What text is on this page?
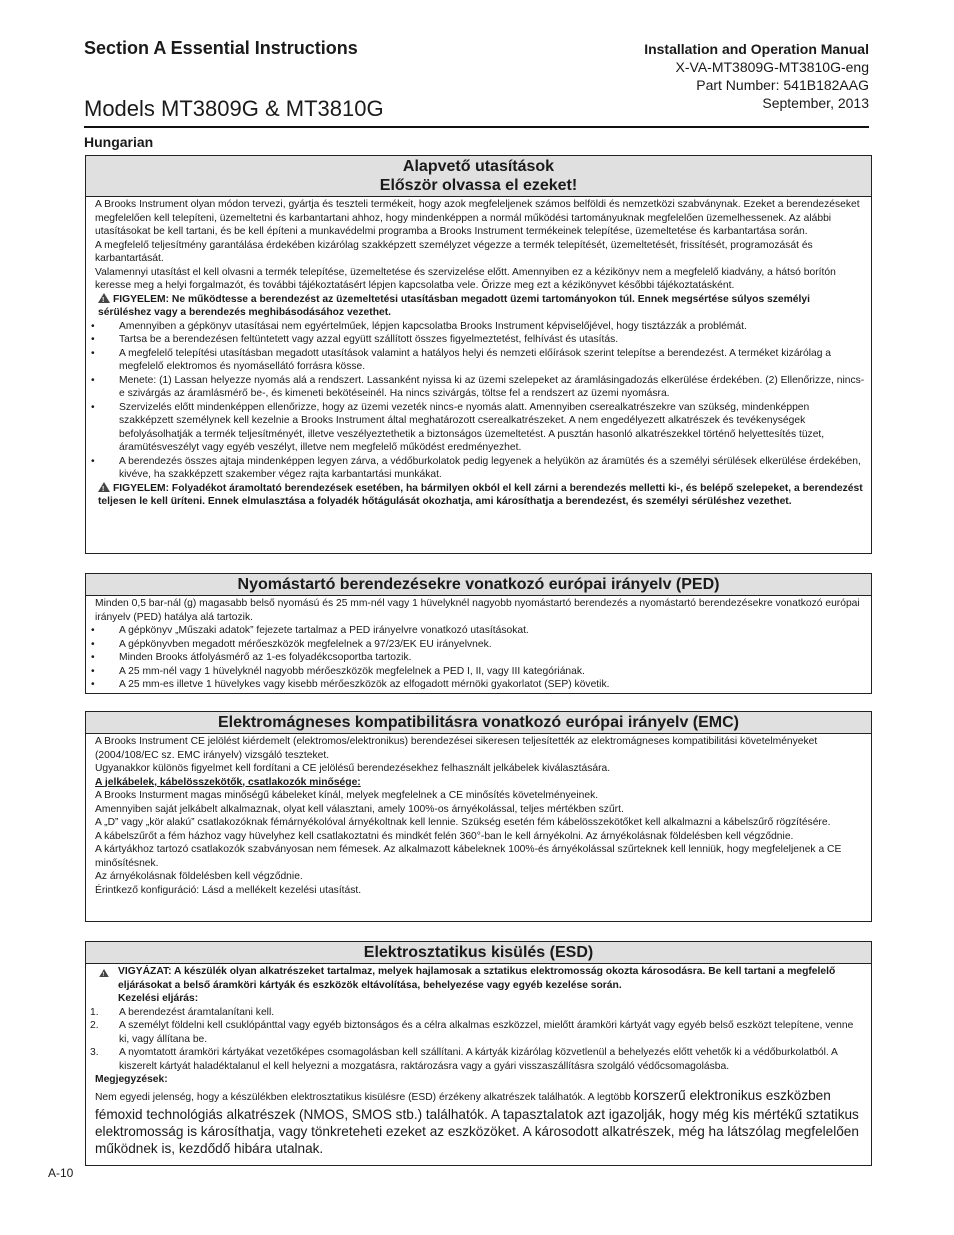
Section A Essential Instructions
Models MT3809G & MT3810G
Installation and Operation Manual
X-VA-MT3809G-MT3810G-eng
Part Number: 541B182AAG
September, 2013
Hungarian
Alapvető utasítások
Először olvassa el ezeket!

A Brooks Instrument olyan módon tervezi, gyártja és teszteli termékeit, hogy azok megfeleljenek számos belföldi és nemzetközi szabványnak. Ezeket a berendezéseket megfelelően kell telepíteni, üzemeltetni és karbantartani ahhoz, hogy mindenképpen a normál működési tartományuknak megfelelően üzemelhessenek. Az alábbi utasításokat be kell tartani, és be kell építeni a munkavédelmi programba a Brooks Instrument termékeinek telepítése, üzemeltetése és karbantartása során.

A megfelelő teljesítmény garantálása érdekében kizárólag szakképzett személyzet végezze a termék telepítését, üzemeltetését, frissítését, programozását és karbantartását.

Valamennyi utasítást el kell olvasni a termék telepítése, üzemeltetése és szervizelése előtt. Amennyiben ez a kézikönyv nem a megfelelő kiadvány, a hátsó borítón keresse meg a helyi forgalmazót, és további tájékoztatásért lépjen kapcsolatba vele. Őrizze meg ezt a kézikönyvet későbbi tájékoztatásként.

!FIGYELEM: Ne működtesse a berendezést az üzemeltetési utasításban megadott üzemi tartományokon túl. Ennek megsértése súlyos személyi sérüléshez vagy a berendezés meghibásodásához vezethet.

• Amennyiben a gépkönyv utasításai nem egyértelműek, lépjen kapcsolatba Brooks Instrument képviselőjével, hogy tisztázzák a problémát.
• Tartsa be a berendezésen feltüntetett vagy azzal együtt szállított összes figyelmeztetést, felhívást és utasítás.
• A megfelelő telepítési utasításban megadott utasítások valamint a hatályos helyi és nemzeti előírások szerint telepítse a berendezést. A terméket kizárólag a megfelelő elektromos és nyomásellátó forrásra kösse.
• Menete: (1) Lassan helyezze nyomás alá a rendszert. Lassanként nyissa ki az üzemi szelepeket az áramlásingadozás elkerülése érdekében. (2) Ellenőrizze, nincs-e szivárgás az áramlásmérő be-, és kimeneti bekötéseinél. Ha nincs szivárgás, töltse fel a rendszert az üzemi nyomásra.
• Szervizelés előtt mindenképpen ellenőrizze, hogy az üzemi vezeték nincs-e nyomás alatt. Amennyiben cserealkatrészekre van szükség, mindenképpen szakképzett személynek kell kezelnie a Brooks Instrument által meghatározott cserealkatrészeket. A nem engedélyezett alkatrészek és tevékenységek befolyásolhatják a termék teljesítményét, illetve veszélyeztethetik a biztonságos üzemeltetést. A pusztán hasonló alkatrészekkel történő helyettesítés tüzet, áramütésveszélyt vagy egyéb veszélyt, illetve nem megfelelő működést eredményezhet.
• A berendezés összes ajtaja mindenképpen legyen zárva, a védőburkolatok pedig legyenek a helyükön az áramütés és a személyi sérülések elkerülése érdekében, kivéve, ha szakképzett szakember végez rajta karbantartási munkákat.

!FIGYELEM: Folyadékot áramoltató berendezések esetében, ha bármilyen okból el kell zárni a berendezés melletti ki-, és belépő szelepeket, a berendezést teljesen le kell üríteni. Ennek elmulasztása a folyadék hőtágulását okozhatja, ami károsíthatja a berendezést, és személyi sérüléshez vezethet.

Nyomástartó berendezésekre vonatkozó európai irányelv (PED)

Minden 0,5 bar-nál (g) magasabb belső nyomású és 25 mm-nél vagy 1 hüvelyknél nagyobb nyomástartó berendezés a nyomástartó berendezésekre vonatkozó európai irányelv (PED) hatálya alá tartozik.

• A gépkönyv „Műszaki adatok” fejezete tartalmaz a PED irányelvre vonatkozó utasításokat.
• A gépkönyvben megadott mérőeszközök megfelelnek a 97/23/EK EU irányelvnek.
• Minden Brooks átfolyásmérő az 1-es folyadékcsoportba tartozik.
• A 25 mm-nél vagy 1 hüvelyknél nagyobb mérőeszközök megfelelnek a PED I, II, vagy III kategóriának.
• A 25 mm-es illetve 1 hüvelykes vagy kisebb mérőeszközök az elfogadott mérnöki gyakorlatot (SEP) követik.
Elektromágneses kompatibilitásra vonatkozó európai irányelv (EMC)

A Brooks Instrument CE jelölést kiérdemelt (elektromos/elektronikus) berendezései sikeresen teljesítették az elektromágneses kompatibilitási követelményeket (2004/108/EC sz. EMC irányelv) vizsgáló teszteket.

Ugyanakkor különös figyelmet kell fordítani a CE jelölésű berendezésekhez felhasznált jelkábelek kiválasztására.

A jelkábelek, kábelösszekötők, csatlakozók minősége:

A Brooks Insturment magas minőségű kábeleket kínál, melyek megfelelnek a CE minősítés követelményeinek.

Amennyiben saját jelkábelt alkalmaznak, olyat kell választani, amely 100%-os árnyékolással, teljes mértékben szűrt.

A „D” vagy „kör alakú” csatlakozóknak fémárnyékolóval árnyékoltnak kell lennie. Szükség esetén fém kábelösszekötőket kell alkalmazni a kábelszűrő rögzítésére.

A kábelszűrőt a fém házhoz vagy hüvelyhez kell csatlakoztatni és mindkét felén 360°-ban le kell árnyékolni. Az árnyékolásnak földelésben kell végződnie.

A kártyákhoz tartozó csatlakozók szabványosan nem fémesek. Az alkalmazott kábeleknek 100%-és árnyékolással szűrteknek kell lenniük, hogy megfeleljenek a CE minősítésnek.

Az árnyékolásnak földelésben kell végződnie.

Érintkező konfiguráció: Lásd a mellékelt kezelési utasítást.

Elektrosztatikus kisülés (ESD)

!
VIGYÁZAT: A készülék olyan alkatrészeket tartalmaz, melyek hajlamosak a sztatikus elektromosság okozta károsodásra. Be kell tartani a megfelelő eljárásokat a belső áramköri kártyák és eszközök eltávolítása, behelyezése vagy egyéb kezelése során.

Kezelési eljárás:

1. A berendezést áramtalanítani kell.
2. A személyt földelni kell csuklópánttal vagy egyéb biztonságos és a célra alkalmas eszközzel, mielőtt áramköri kártyát vagy egyéb belső eszközt telepítene, venne ki, vagy állítana be.
3. A nyomtatott áramköri kártyákat vezetőképes csomagolásban kell szállítani. A kártyák kizárólag közvetlenül a behelyezés előtt vehetők ki a védőburkolatból. A kiszerelt kártyát haladéktalanul el kell helyezni a mozgatásra, raktározásra vagy a gyári visszaszállításra szolgáló védőcsomagolásba.

Megjegyzések:

Nem egyedi jelenség, hogy a készülékben elektrosztatikus kisülésre (ESD) érzékeny alkatrészek találhatók. A legtöbb korszerű elektronikus eszközben fémoxid technológiás alkatrészek (NMOS, SMOS stb.) találhatók. A tapasztalatok azt igazolják, hogy még kis mértékű sztatikus elektromosság is károsíthatja, vagy tönkreteheti ezeket az eszközöket. A károsodott alkatrészek, még ha látszólag megfelelően működnek is, kezdődő hibára utalnak.

A-10
